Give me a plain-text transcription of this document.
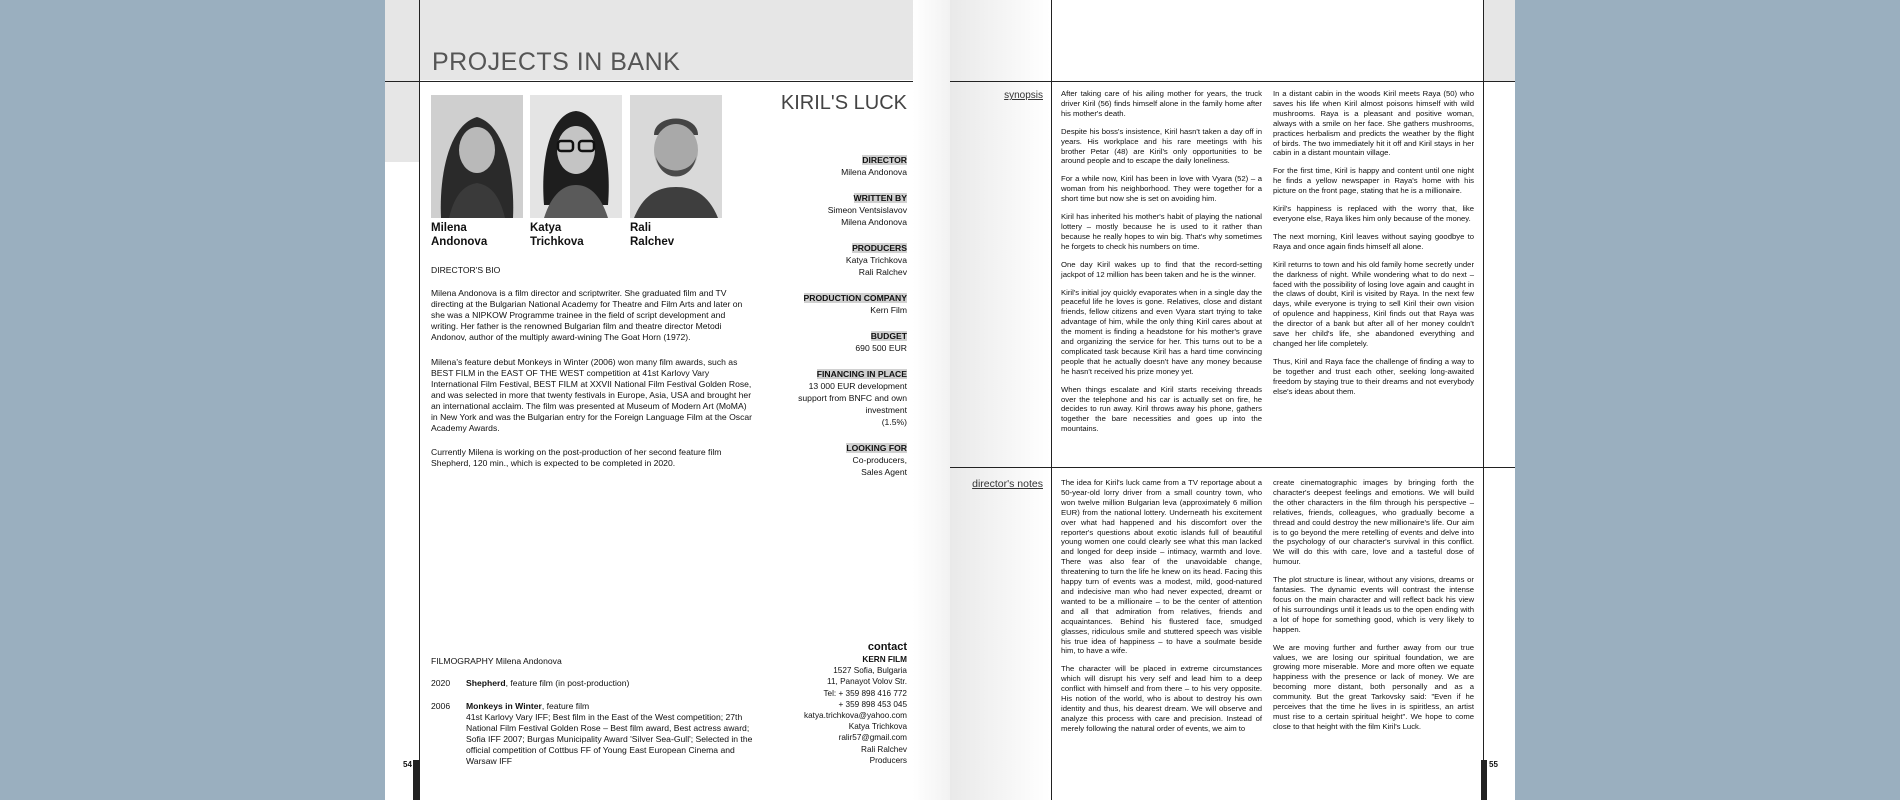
PROJECTS IN BANK
Milena
Andonova
Katya
Trichkova
Rali
Ralchev
DIRECTOR'S BIO
Milena Andonova is a film director and scriptwriter. She graduated film and TV directing at the Bulgarian National Academy for Theatre and Film Arts and later on she was a NIPKOW Programme trainee in the field of script development and writing. Her father is the renowned Bulgarian film and theatre director Metodi Andonov, author of the multiply award-wining The Goat Horn (1972).
Milena's feature debut Monkeys in Winter (2006) won many film awards, such as BEST FILM in the EAST OF THE WEST competition at 41st Karlovy Vary International Film Festival, BEST FILM at XXVII National Film Festival Golden Rose, and was selected in more that twenty festivals in Europe, Asia, USA and brought her an international acclaim. The film was presented at Museum of Modern Art (MoMA) in New York and was the Bulgarian entry for the Foreign Language Film at the Oscar Academy Awards.
Currently Milena is working on the post-production of her second feature film Shepherd, 120 min., which is expected to be completed in 2020.
KIRIL'S LUCK
DIRECTOR
Milena Andonova
WRITTEN BY
Simeon Ventsislavov
Milena Andonova
PRODUCERS
Katya Trichkova
Rali Ralchev
PRODUCTION COMPANY
Kern Film
BUDGET
690 500 EUR
FINANCING IN PLACE
13 000 EUR development
support from BNFC and own
investment
(1.5%)
LOOKING FOR
Co-producers,
Sales Agent
contact
KERN FILM
1527 Sofia, Bulgaria
11, Panayot Volov Str.
Tel: + 359 898 416 772
+ 359 898 453 045
katya.trichkova@yahoo.com
Katya Trichkova
ralir57@gmail.com
Rali Ralchev
Producers
FILMOGRAPHY Milena Andonova
2020 Shepherd, feature film (in post-production)
2006 Monkeys in Winter, feature film
41st Karlovy Vary IFF; Best film in the East of the West competition; 27th National Film Festival Golden Rose – Best film award, Best actress award; Sofia IFF 2007; Burgas Municipality Award 'Silver Sea-Gull'; Selected in the official competition of Cottbus FF of Young East European Cinema and Warsaw IFF
54	55
synopsis After taking care of his ailing mother for years, the truck driver Kiril (56) finds himself alone in the family home after his mother's death.

Despite his boss's insistence, Kiril hasn't taken a day off in years. His workplace and his rare meetings with his brother Petar (48) are Kiril's only opportunities to be around people and to escape the daily loneliness.

For a while now, Kiril has been in love with Vyara (52) – a woman from his neighborhood. They were together for a short time but now she is set on avoiding him.

Kiril has inherited his mother's habit of playing the national lottery – mostly because he is used to it rather than because he really hopes to win big. That's why sometimes he forgets to check his numbers on time.

One day Kiril wakes up to find that the record-setting jackpot of 12 million has been taken and he is the winner.

Kiril's initial joy quickly evaporates when in a single day the peaceful life he loves is gone. Relatives, close and distant friends, fellow citizens and even Vyara start trying to take advantage of him, while the only thing Kiril cares about at the moment is finding a headstone for his mother's grave and organizing the service for her. This turns out to be a complicated task because Kiril has a hard time convincing people that he actually doesn't have any money because he hasn't received his prize money yet.

When things escalate and Kiril starts receiving threads over the telephone and his car is actually set on fire, he decides to run away. Kiril throws away his phone, gathers together the bare necessities and goes up into the mountains.

In a distant cabin in the woods Kiril meets Raya (50) who saves his life when Kiril almost poisons himself with wild mushrooms. Raya is a pleasant and positive woman, always with a smile on her face. She gathers mushrooms, practices herbalism and predicts the weather by the flight of birds. The two immediately hit it off and Kiril stays in her cabin in a distant mountain village.

For the first time, Kiril is happy and content until one night he finds a yellow newspaper in Raya's home with his picture on the front page, stating that he is a millionaire.

Kiril's happiness is replaced with the worry that, like everyone else, Raya likes him only because of the money.

The next morning, Kiril leaves without saying goodbye to Raya and once again finds himself all alone.

Kiril returns to town and his old family home secretly under the darkness of night. While wondering what to do next – faced with the possibility of losing love again and caught in the claws of doubt, Kiril is visited by Raya. In the next few days, while everyone is trying to sell Kiril their own vision of opulence and happiness, Kiril finds out that Raya was the director of a bank but after all of her money couldn't save her child's life, she abandoned everything and changed her life completely.

Thus, Kiril and Raya face the challenge of finding a way to be together and trust each other, seeking long-awaited freedom by staying true to their dreams and not everybody else's ideas about them.

director's notes The idea for Kiril's luck came from a TV reportage about a 50-year-old lorry driver from a small country town, who won twelve million Bulgarian leva (approximately 6 million EUR) from the national lottery. Underneath his excitement over what had happened and his discomfort over the reporter's questions about exotic islands full of beautiful young women one could clearly see what this man lacked and longed for deep inside – intimacy, warmth and love. There was also fear of the unavoidable change, threatening to turn the life he knew on its head. Facing this happy turn of events was a modest, mild, good-natured and indecisive man who had never expected, dreamt or wanted to be a millionaire – to be the center of attention and all that admiration from relatives, friends and acquaintances. Behind his flustered face, smudged glasses, ridiculous smile and stuttered speech was visible his true idea of happiness – to have a soulmate beside him, to have a wife.

The character will be placed in extreme circumstances which will disrupt his very self and lead him to a deep conflict with himself and from there – to his very opposite. His notion of the world, who is about to destroy his own identity and thus, his dearest dream. We will observe and analyze this process with care and precision. Instead of merely following the natural order of events, we aim to

create cinematographic images by bringing forth the character's deepest feelings and emotions. We will build the other characters in the film through his perspective – relatives, friends, colleagues, who gradually become a thread and could destroy the new millionaire's life. Our aim is to go beyond the mere retelling of events and delve into the psychology of our character's survival in this conflict. We will do this with care, love and a tasteful dose of humour.

The plot structure is linear, without any visions, dreams or fantasies. The dynamic events will contrast the intense focus on the main character and will reflect back his view of his surroundings until it leads us to the open ending with a lot of hope for something good, which is very likely to happen.

We are moving further and further away from our true values, we are losing our spiritual foundation, we are growing more miserable. More and more often we equate happiness with the presence or lack of money. We are becoming more distant, both personally and as a community. But the great Tarkovsky said: "Even if he perceives that the time he lives in is spiritless, an artist must rise to a certain spiritual height". We hope to come close to that height with the film Kiril's Luck.
